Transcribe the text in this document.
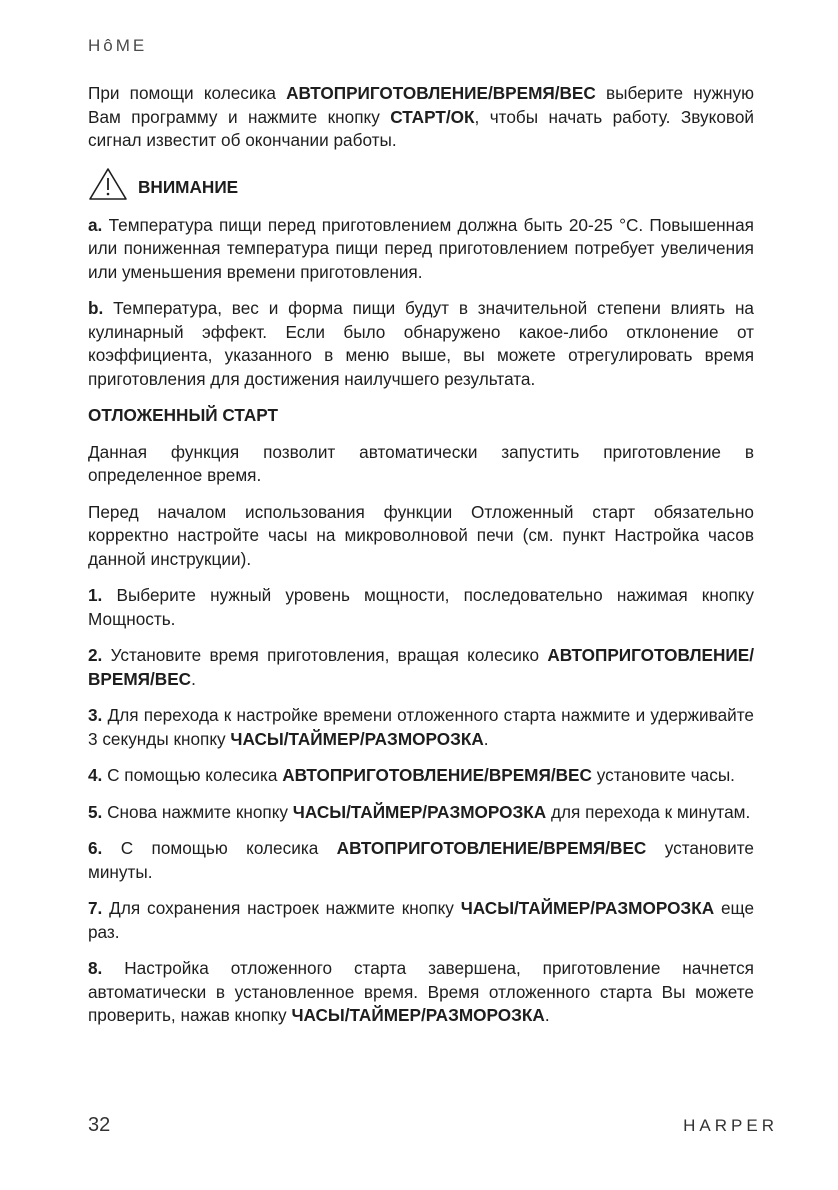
HôME

При помощи колесика АВТОПРИГОТОВЛЕНИЕ/ВРЕМЯ/ВЕС выберите нужную Вам программу и нажмите кнопку СТАРТ/ОК, чтобы начать работу. Звуковой сигнал известит об окончании работы.

ВНИМАНИЕ

a. Температура пищи перед приготовлением должна быть 20-25 °С. Повышенная или пониженная температура пищи перед приготовлением потребует увеличения или уменьшения времени приготовления.

b. Температура, вес и форма пищи будут в значительной степени влиять на кулинарный эффект. Если было обнаружено какое-либо отклонение от коэффициента, указанного в меню выше, вы можете отрегулировать время приготовления для достижения наилучшего результата.

ОТЛОЖЕННЫЙ СТАРТ

Данная функция позволит автоматически запустить приготовление в определенное время.

Перед началом использования функции Отложенный старт обязательно корректно настройте часы на микроволновой печи (см. пункт Настройка часов данной инструкции).

1. Выберите нужный уровень мощности, последовательно нажимая кнопку Мощность.

2. Установите время приготовления, вращая колесико АВТОПРИГОТОВЛЕНИЕ/ ВРЕМЯ/ВЕС.

3. Для перехода к настройке времени отложенного старта нажмите и удерживайте 3 секунды кнопку ЧАСЫ/ТАЙМЕР/РАЗМОРОЗКА.

4. С помощью колесика АВТОПРИГОТОВЛЕНИЕ/ВРЕМЯ/ВЕС установите часы.

5. Снова нажмите кнопку ЧАСЫ/ТАЙМЕР/РАЗМОРОЗКА для перехода к минутам.

6. С помощью колесика АВТОПРИГОТОВЛЕНИЕ/ВРЕМЯ/ВЕС установите минуты.

7. Для сохранения настроек нажмите кнопку ЧАСЫ/ТАЙМЕР/РАЗМОРОЗКА еще раз.

8. Настройка отложенного старта завершена, приготовление начнется автоматически в установленное время. Время отложенного старта Вы можете проверить, нажав кнопку ЧАСЫ/ТАЙМЕР/РАЗМОРОЗКА.

32	HARPER
